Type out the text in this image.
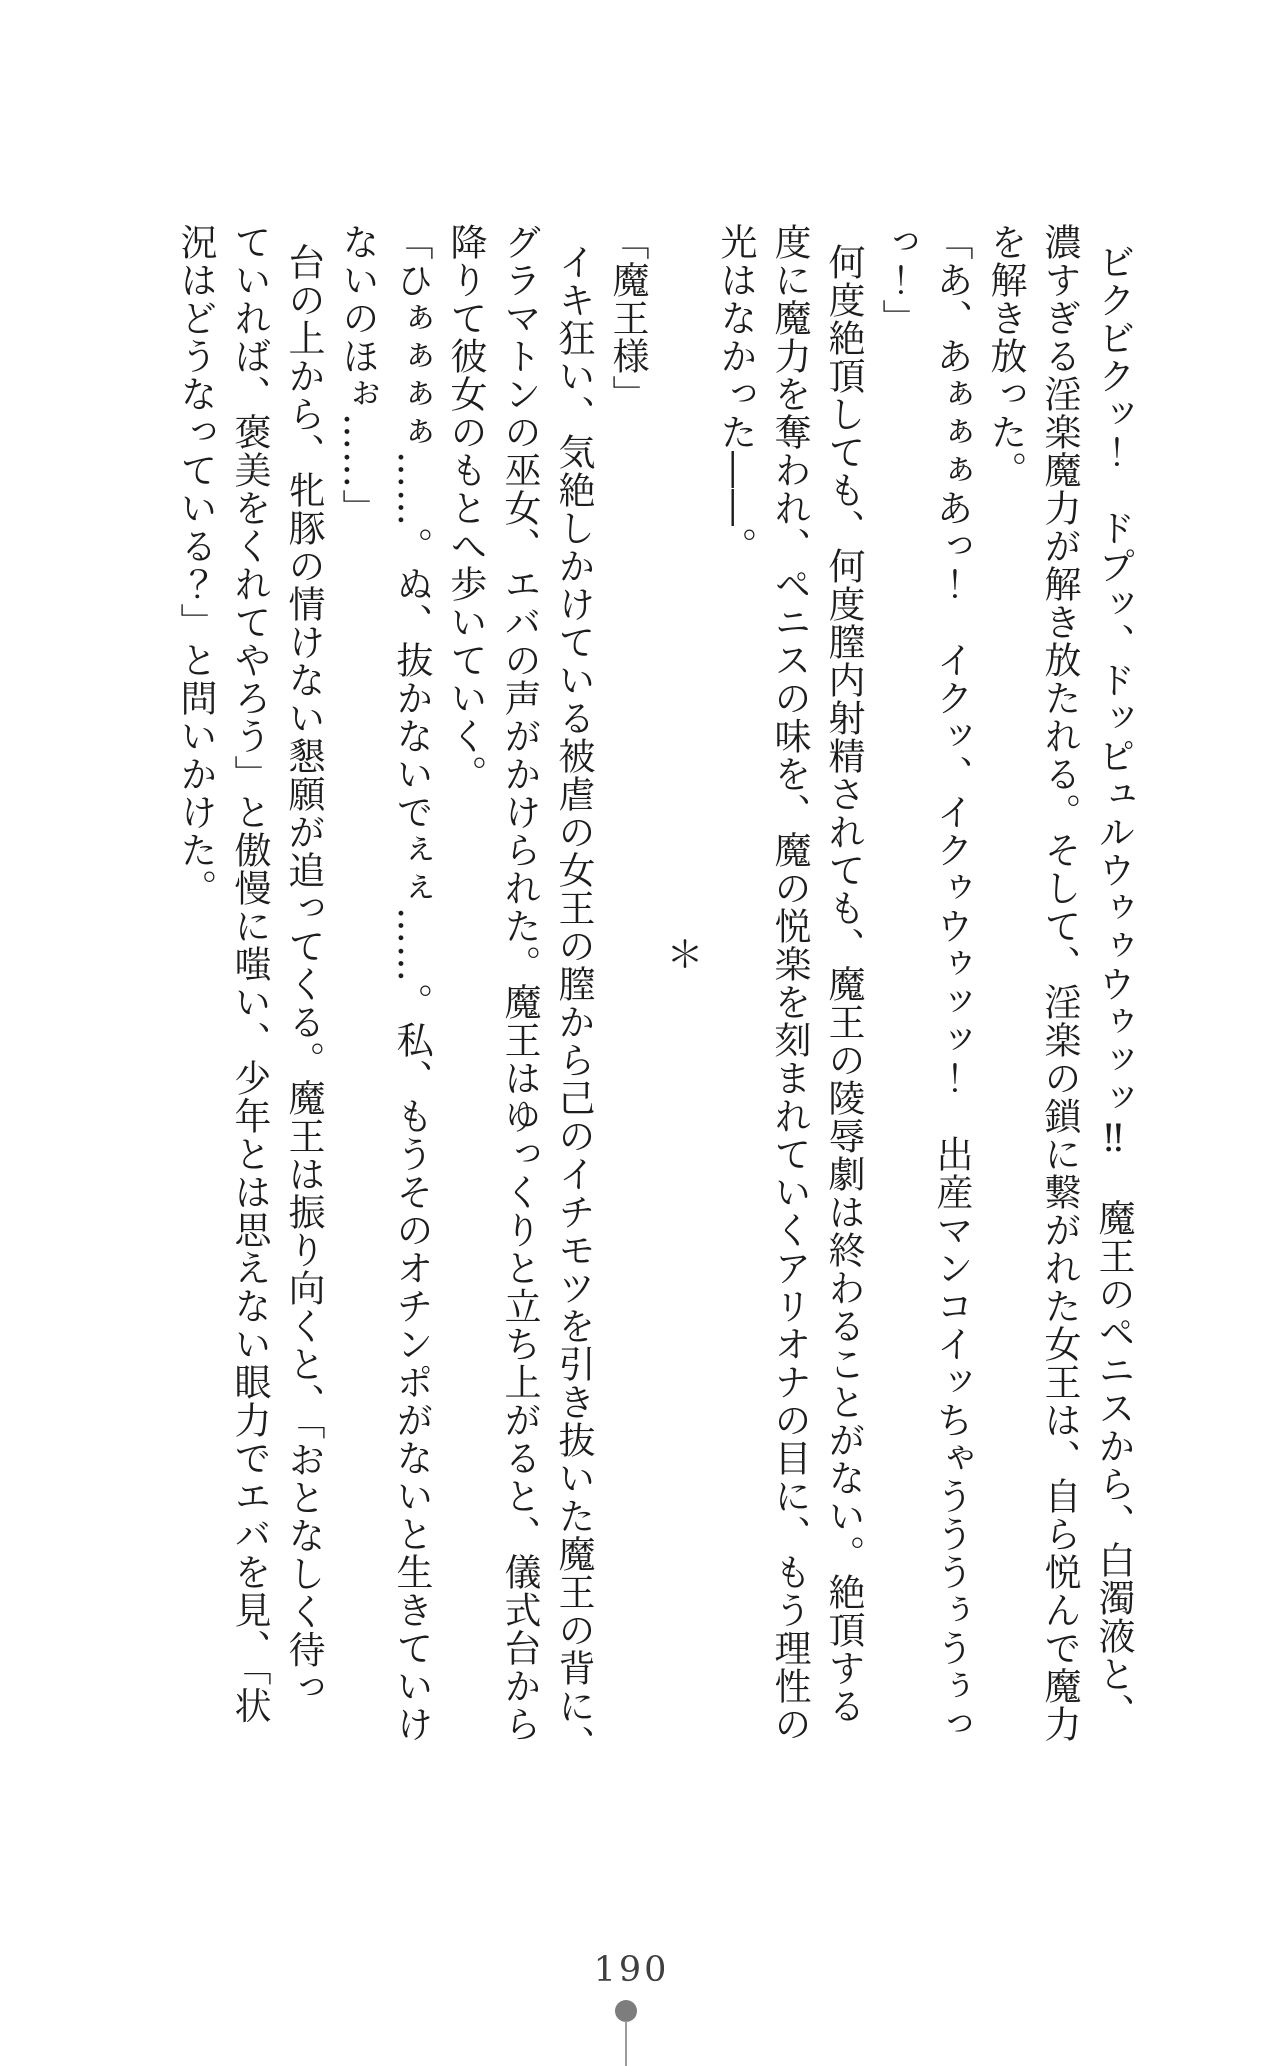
ビクビクッ！　ドプッ、ドッピュルウゥゥウゥッッ‼　魔王のペニスから、白濁液と、

濃すぎる淫楽魔力が解き放たれる。そして、淫楽の鎖に繋がれた女王は、自ら悦んで魔力

を解き放った。

「あ、あぁぁぁあっ！　イクッ、イクゥウゥッッ！　出産マンコイッちゃうううぅうぅっ

っ！」

何度絶頂しても、何度膣内射精されても、魔王の陵辱劇は終わることがない。絶頂する

度に魔力を奪われ、ペニスの味を、魔の悦楽を刻まれていくアリオナの目に、もう理性の

光はなかった――。

＊

「魔王様」

イキ狂い、気絶しかけている被虐の女王の膣から己のイチモツを引き抜いた魔王の背に、

グラマトンの巫女、エバの声がかけられた。魔王はゆっくりと立ち上がると、儀式台から

降りて彼女のもとへ歩いていく。

「ひぁぁぁぁ……。ぬ、抜かないでぇぇ……。私、もうそのオチンポがないと生きていけ

ないのほぉ……」

台の上から、牝豚の情けない懇願が追ってくる。魔王は振り向くと、「おとなしく待っ

ていれば、褒美をくれてやろう」と傲慢に嗤い、少年とは思えない眼力でエバを見、「状

況はどうなっている？」と問いかけた。

190
